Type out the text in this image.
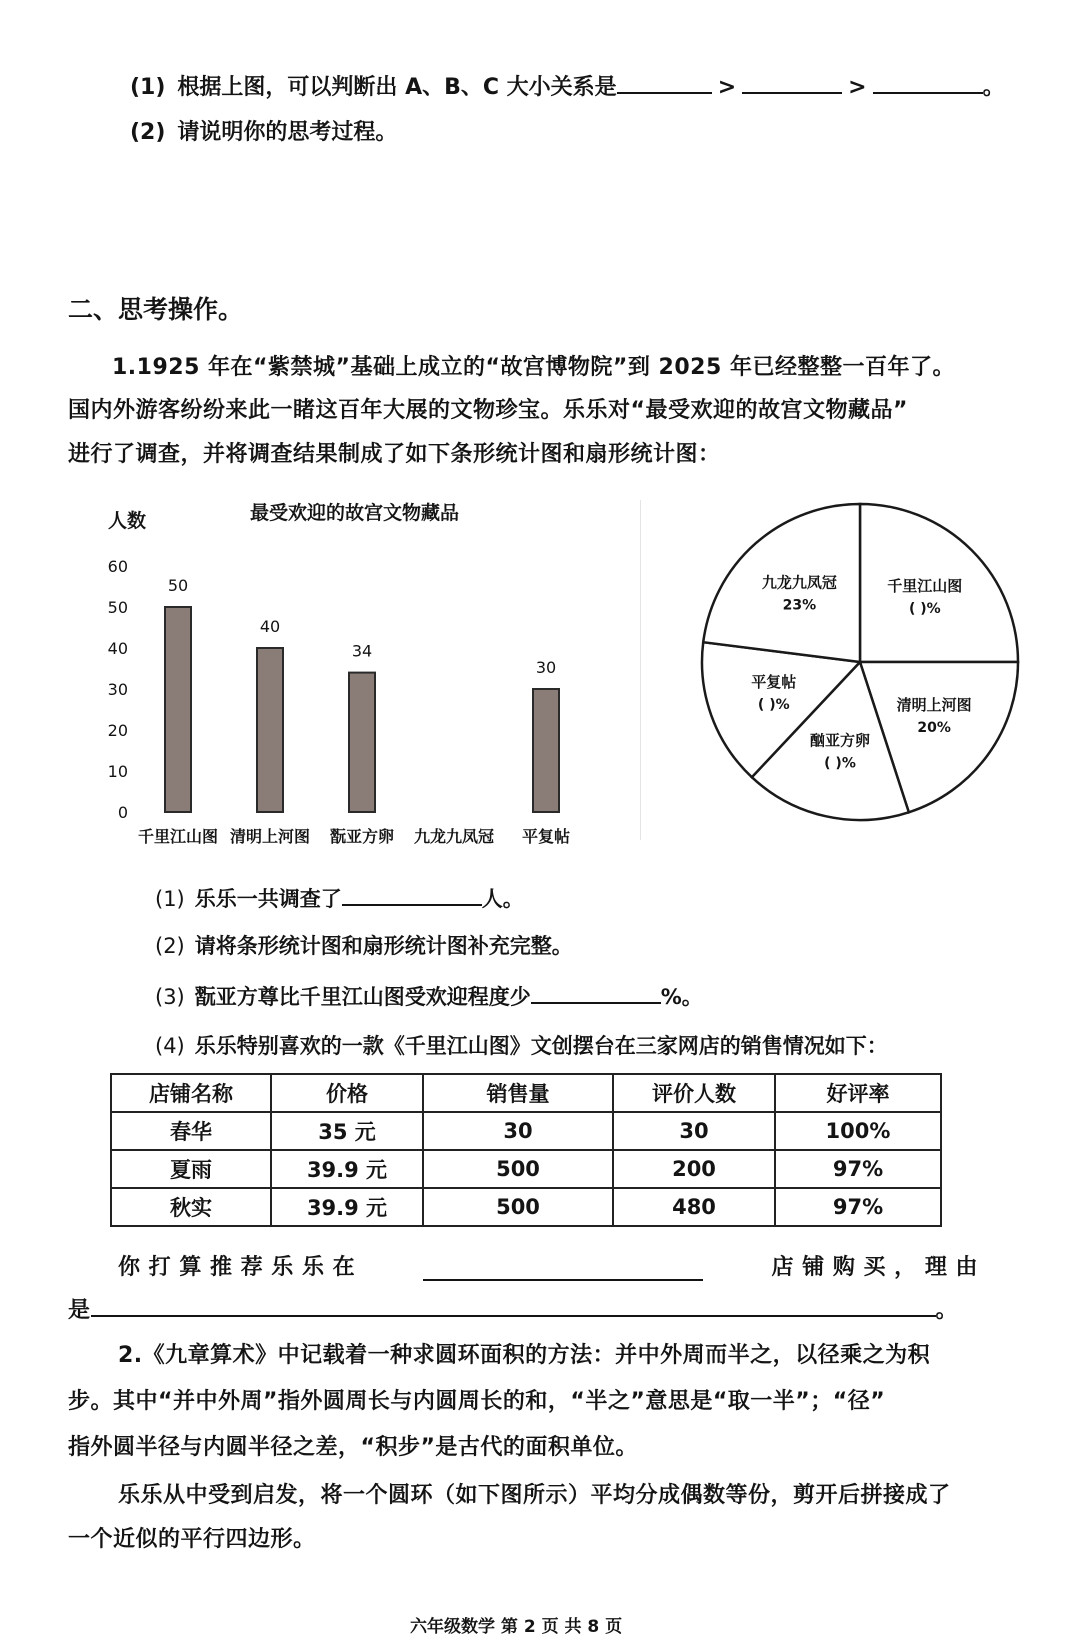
(1) 根据上图，可以判断出 A、B、C 大小关系是	>	>	。
(2) 请说明你的思考过程。
二、思考操作。
1.1925 年在“紫禁城”基础上成立的“故宫博物院”到 2025 年已经整整一百年了。
国内外游客纷纷来此一睹这百年大展的文物珍宝。乐乐对“最受欢迎的故宫文物藏品”
进行了调查，并将调查结果制成了如下条形统计图和扇形统计图：
最受欢迎的故宫文物藏品
人数
60
50
40
30
20
10
0
50
40
34
30
千里江山图 清明上河图 翫亚方卵 九龙九凤冠 平复帖
千里江山图
( )%
清明上河图
20%
酗亚方卵
( )%
平复帖
( )%
九龙九凤冠
23%
(1) 乐乐一共调查了	人。
(2) 请将条形统计图和扇形统计图补充完整。
(3) 翫亚方尊比千里江山图受欢迎程度少	%。
(4) 乐乐特别喜欢的一款《千里江山图》文创摆台在三家网店的销售情况如下：
店铺名称	价格	销售量	评价人数	好评率
春华	35 元	30	30	100%
夏雨	39.9 元	500	200	97%
秋实	39.9 元	500	480	97%
你 打 算 推 荐 乐 乐 在	店 铺 购 买 ， 理 由
是	。
2.《九章算术》中记载着一种求圆环面积的方法：并中外周而半之，以径乘之为积
步。其中“并中外周”指外圆周长与内圆周长的和，“半之”意思是“取一半”；“径”
指外圆半径与内圆半径之差，“积步”是古代的面积单位。
乐乐从中受到启发，将一个圆环（如下图所示）平均分成偶数等份，剪开后拼接成了
一个近似的平行四边形。
六年级数学 第 2 页 共 8 页
